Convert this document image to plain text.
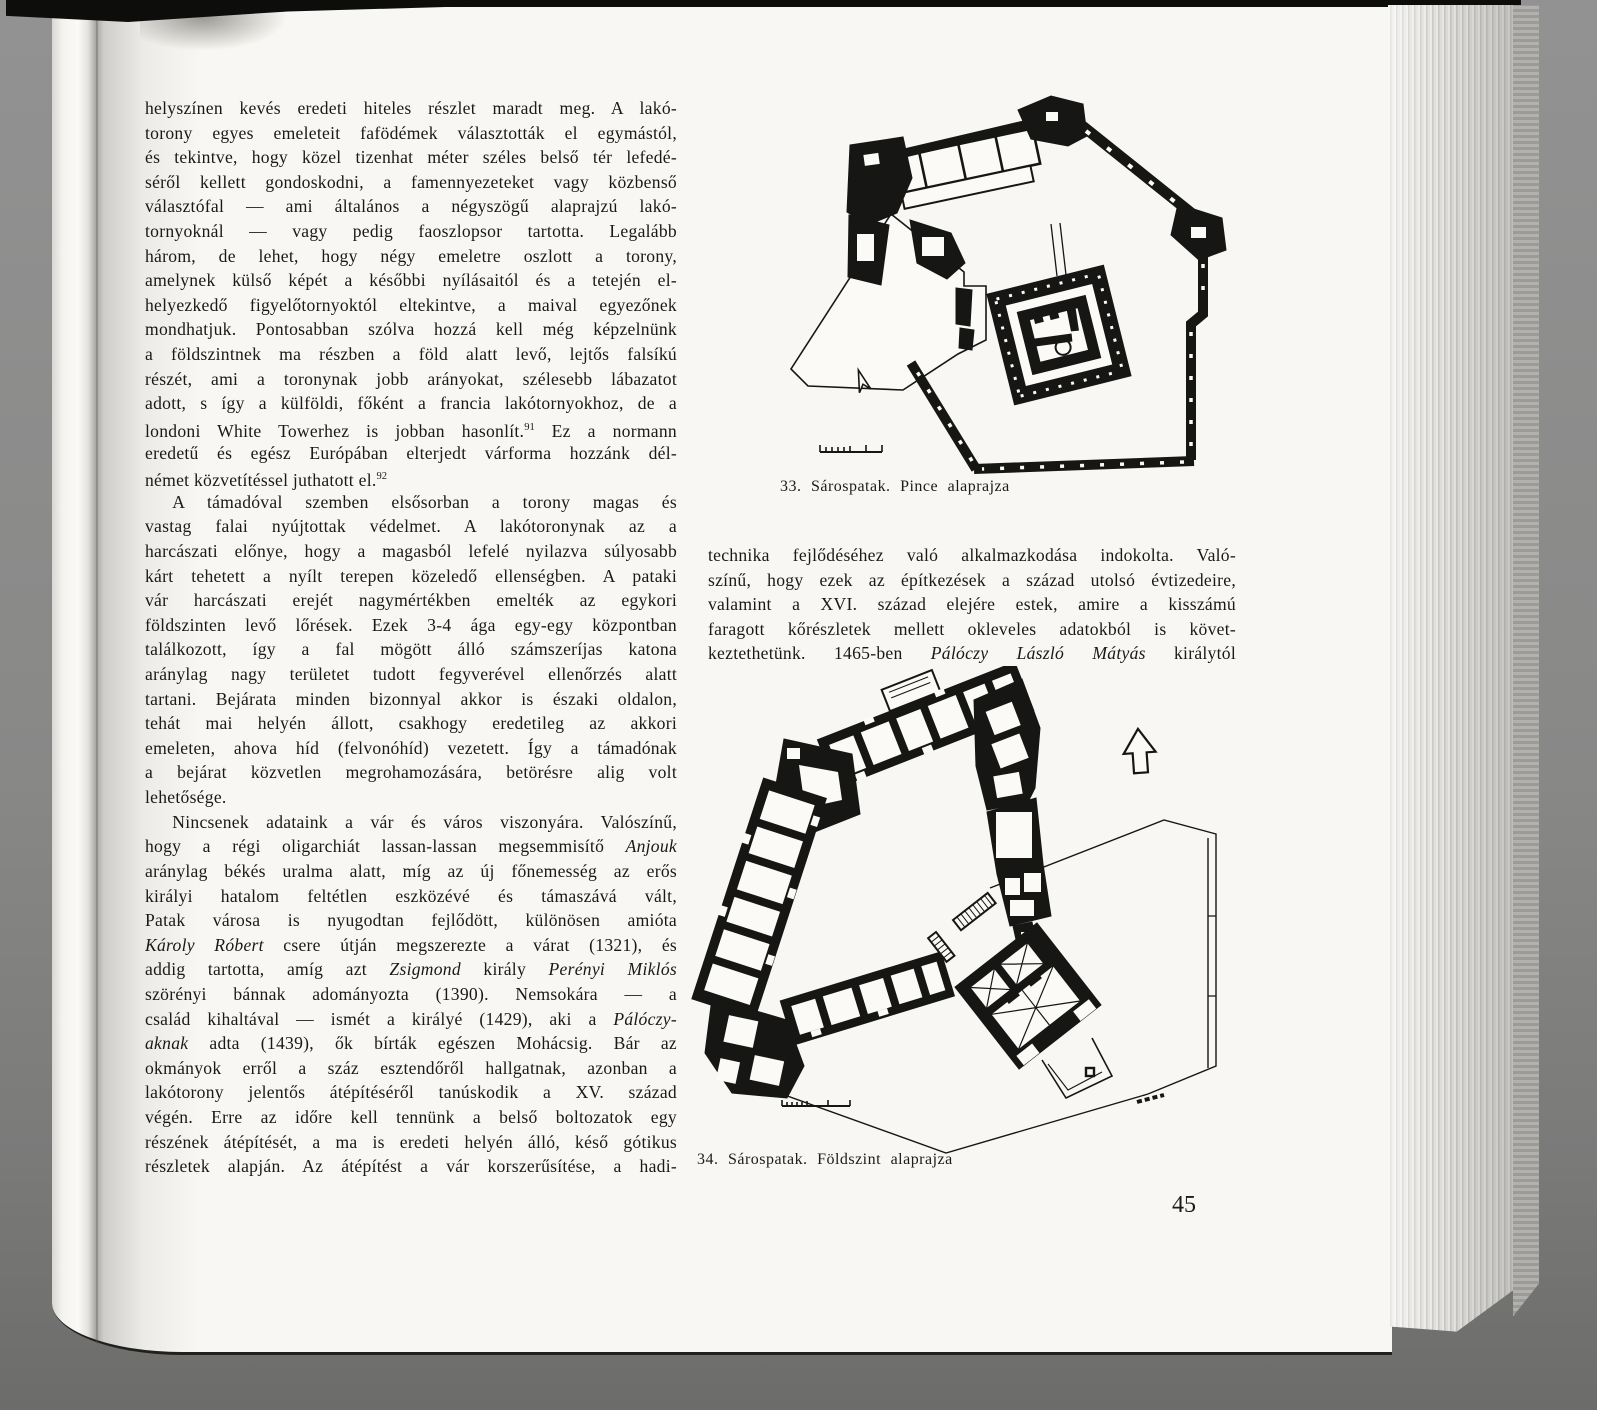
helyszínen kevés eredeti hiteles részlet maradt meg. A lakó-
torony egyes emeleteit fafödémek választották el egymástól,
és tekintve, hogy közel tizenhat méter széles belső tér lefedé-
séről kellett gondoskodni, a famennyezeteket vagy közbenső
választófal — ami általános a négyszögű alaprajzú lakó-
tornyoknál — vagy pedig faoszlopsor tartotta. Legalább
három, de lehet, hogy négy emeletre oszlott a torony,
amelynek külső képét a későbbi nyílásaitól és a tetején el-
helyezkedő figyelőtornyoktól eltekintve, a maival egyezőnek
mondhatjuk. Pontosabban szólva hozzá kell még képzelnünk
a földszintnek ma részben a föld alatt levő, lejtős falsíkú
részét, ami a toronynak jobb arányokat, szélesebb lábazatot
adott, s így a külföldi, főként a francia lakótornyokhoz, de a
londoni White Towerhez is jobban hasonlít.$^{91}$ Ez a normann
eredetű és egész Európában elterjedt várforma hozzánk dél-
német közvetítéssel juthatott el.$^{92}$
A támadóval szemben elsősorban a torony magas és
vastag falai nyújtottak védelmet. A lakótoronynak az a
harcászati előnye, hogy a magasból lefelé nyilazva súlyosabb
kárt tehetett a nyílt terepen közeledő ellenségben. A pataki
vár harcászati erejét nagymértékben emelték az egykori
földszinten levő lőrések. Ezek 3-4 ága egy-egy központban
találkozott, így a fal mögött álló számszeríjas katona
aránylag nagy területet tudott fegyverével ellenőrzés alatt
tartani. Bejárata minden bizonnyal akkor is északi oldalon,
tehát mai helyén állott, csakhogy eredetileg az akkori
emeleten, ahova híd (felvonóhíd) vezetett. Így a támadónak
a bejárat közvetlen megrohamozására, betörésre alig volt
lehetősége.
Nincsenek adataink a vár és város viszonyára. Valószínű,
hogy a régi oligarchiát lassan-lassan megsemmisítő Anjouk
aránylag békés uralma alatt, míg az új főnemesség az erős
királyi hatalom feltétlen eszközévé és támaszává vált,
Patak városa is nyugodtan fejlődött, különösen amióta
Károly Róbert csere útján megszerezte a várat (1321), és
addig tartotta, amíg azt Zsigmond király Perényi Miklós
szörényi bánnak adományozta (1390). Nemsokára — a
család kihaltával — ismét a királyé (1429), aki a Pálóczy-
aknak adta (1439), ők bírták egészen Mohácsig. Bár az
okmányok erről a száz esztendőről hallgatnak, azonban a
lakótorony jelentős átépítéséről tanúskodik a XV. század
végén. Erre az időre kell tennünk a belső boltozatok egy
részének átépítését, a ma is eredeti helyén álló, késő gótikus
részletek alapján. Az átépítést a vár korszerűsítése, a hadi-
technika fejlődéséhez való alkalmazkodása indokolta. Való-
színű, hogy ezek az építkezések a század utolsó évtizedeire,
valamint a XVI. század elejére estek, amire a kisszámú
faragott kőrészletek mellett okleveles adatokból is követ-
keztethetünk. 1465-ben Pálóczy László Mátyás királytól
33. Sárospatak. Pince alaprajza
34. Sárospatak. Földszint alaprajza
45
